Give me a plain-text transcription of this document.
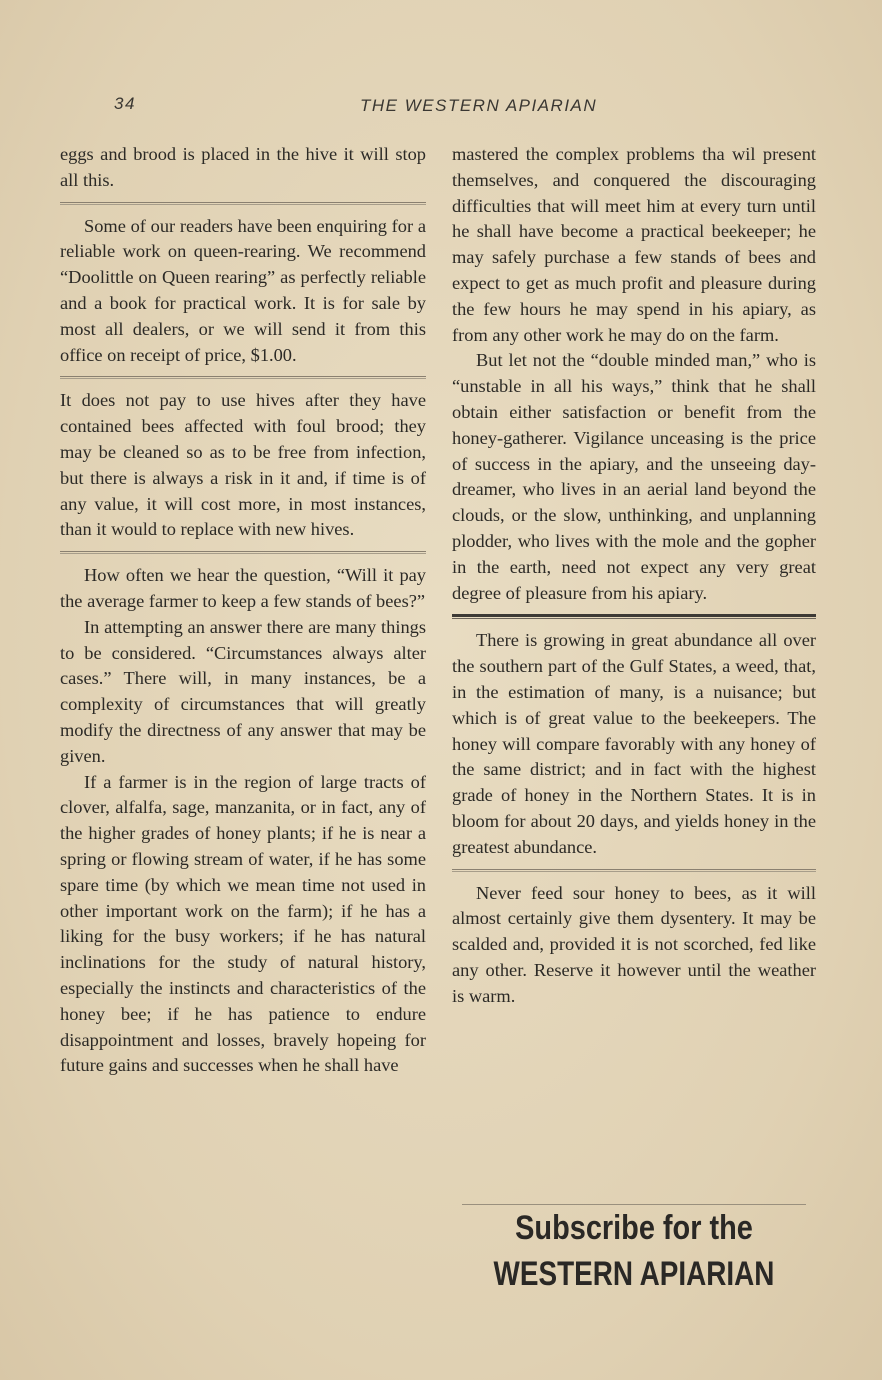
34	THE WESTERN APIARIAN

eggs and brood is placed in the hive it will stop all this.

Some of our readers have been enquiring for a reliable work on queen-rearing. We recommend “Doolittle on Queen rearing” as perfectly reliable and a book for practical work. It is for sale by most all dealers, or we will send it from this office on receipt of price, $1.00.

It does not pay to use hives after they have contained bees affected with foul brood; they may be cleaned so as to be free from infection, but there is always a risk in it and, if time is of any value, it will cost more, in most instances, than it would to replace with new hives.

How often we hear the question, “Will it pay the average farmer to keep a few stands of bees?”

In attempting an answer there are many things to be considered. “Circumstances always alter cases.” There will, in many instances, be a complexity of circumstances that will greatly modify the directness of any answer that may be given.

If a farmer is in the region of large tracts of clover, alfalfa, sage, manzanita, or in fact, any of the higher grades of honey plants; if he is near a spring or flowing stream of water, if he has some spare time (by which we mean time not used in other important work on the farm); if he has a liking for the busy workers; if he has natural inclinations for the study of natural history, especially the instincts and characteristics of the honey bee; if he has patience to endure disappointment and losses, bravely hopeing for future gains and successes when he shall have

mastered the complex problems tha wil present themselves, and conquered the discouraging difficulties that will meet him at every turn until he shall have become a practical beekeeper; he may safely purchase a few stands of bees and expect to get as much profit and pleasure during the few hours he may spend in his apiary, as from any other work he may do on the farm.

But let not the “double minded man,” who is “unstable in all his ways,” think that he shall obtain either satisfaction or benefit from the honey-gatherer. Vigilance unceasing is the price of success in the apiary, and the unseeing day-dreamer, who lives in an aerial land beyond the clouds, or the slow, unthinking, and unplanning plodder, who lives with the mole and the gopher in the earth, need not expect any very great degree of pleasure from his apiary.

There is growing in great abundance all over the southern part of the Gulf States, a weed, that, in the estimation of many, is a nuisance; but which is of great value to the beekeepers. The honey will compare favorably with any honey of the same district; and in fact with the highest grade of honey in the Northern States. It is in bloom for about 20 days, and yields honey in the greatest abundance.

Never feed sour honey to bees, as it will almost certainly give them dysentery. It may be scalded and, provided it is not scorched, fed like any other. Reserve it however until the weather is warm.

Subscribe for the
WESTERN APIARIAN
